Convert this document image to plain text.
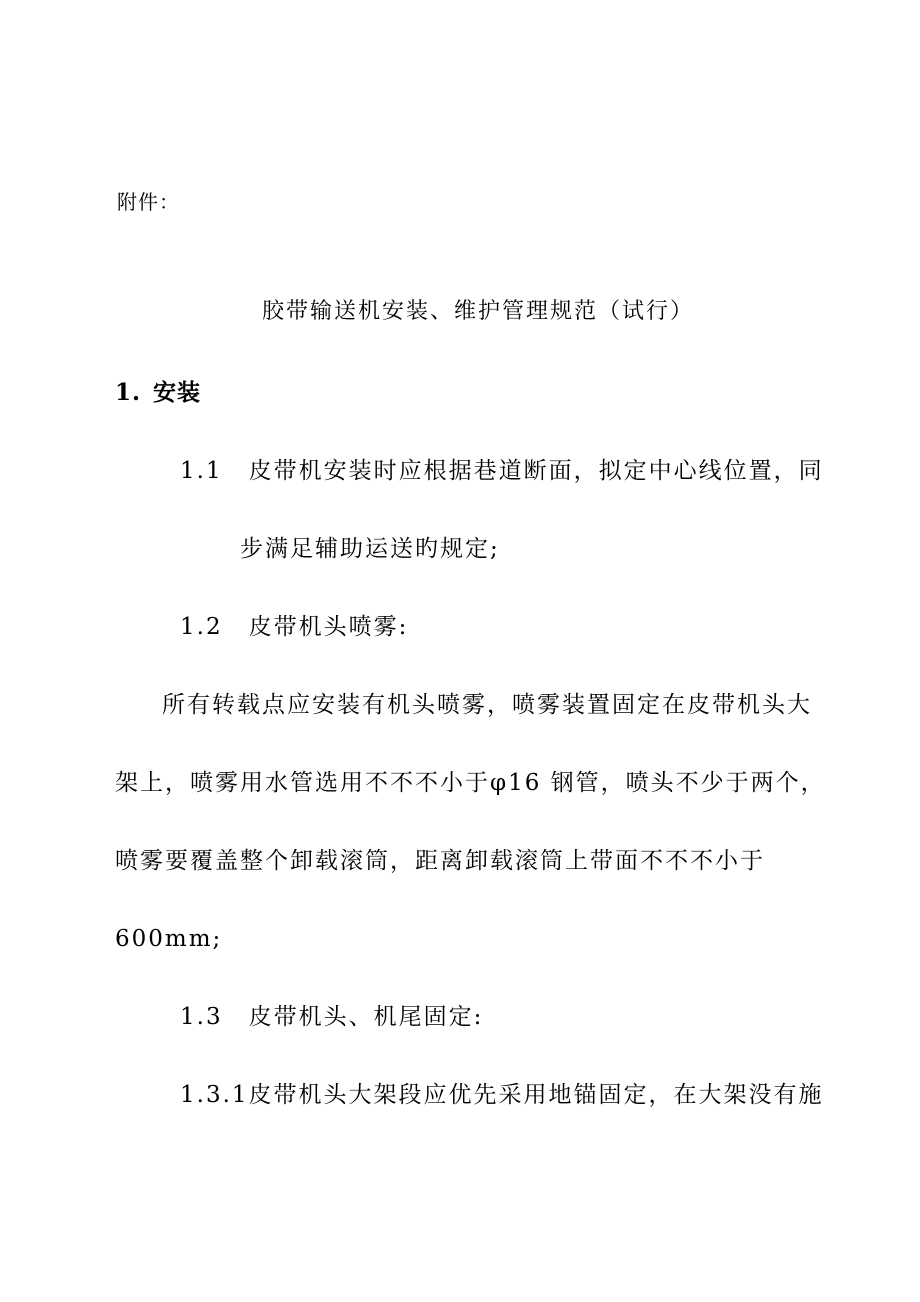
附件：
胶带输送机安装、维护管理规范（试行）
1. 安装
1.1 皮带机安装时应根据巷道断面，拟定中心线位置，同
步满足辅助运送旳规定;
1.2 皮带机头喷雾:
所有转载点应安装有机头喷雾，喷雾装置固定在皮带机头大
架上，喷雾用水管选用不不不小于φ16 钢管，喷头不少于两个，
喷雾要覆盖整个卸载滚筒，距离卸载滚筒上带面不不不小于
600mm;
1.3 皮带机头、机尾固定:
1.3.1皮带机头大架段应优先采用地锚固定，在大架没有施
